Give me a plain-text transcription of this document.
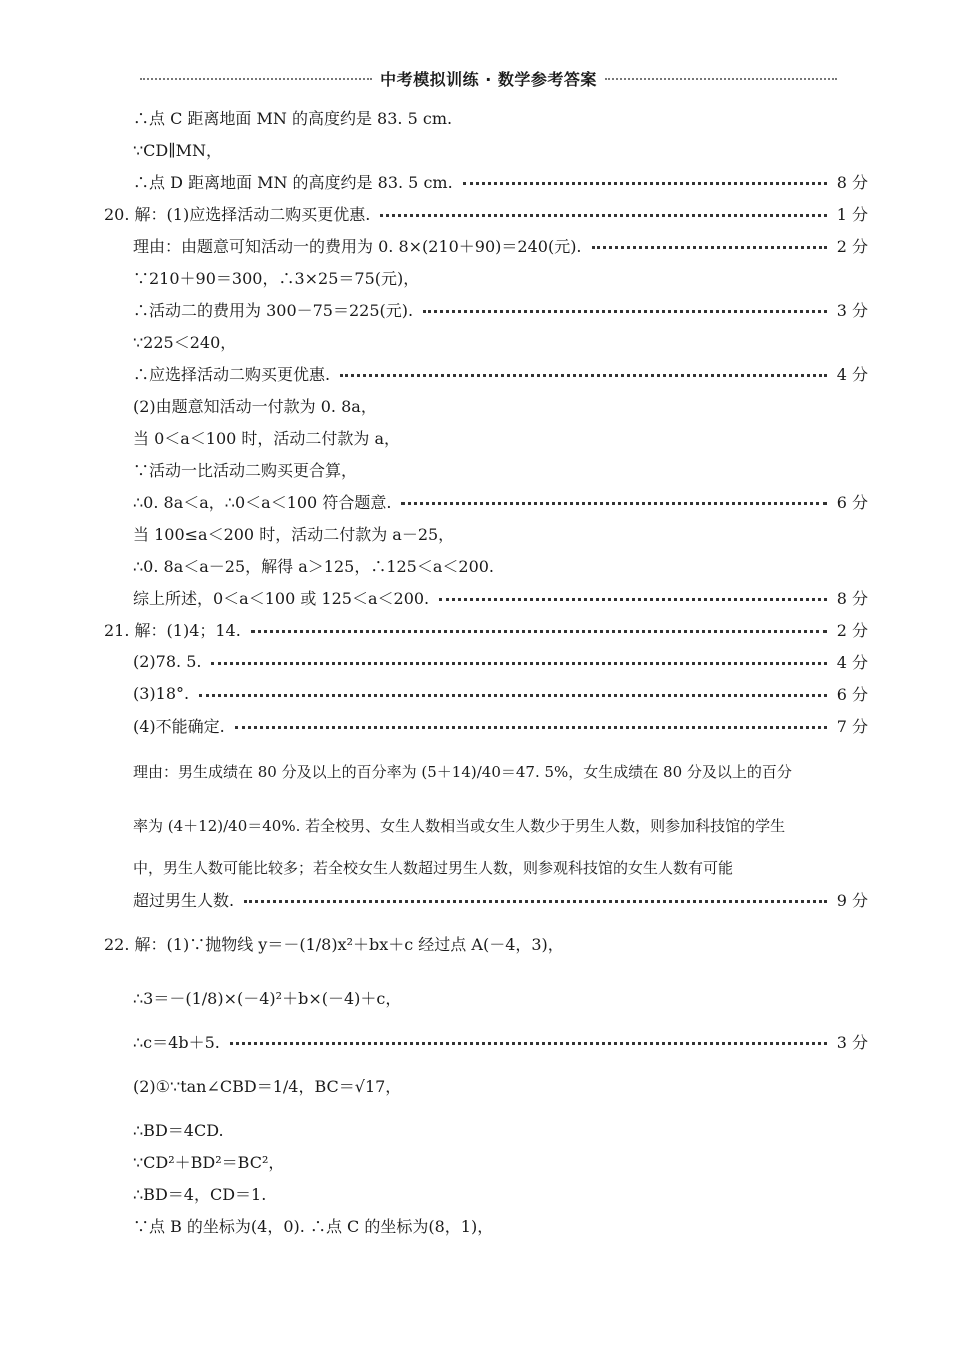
中考模拟训练 · 数学参考答案
∴点 C 距离地面 MN 的高度约是 83. 5 cm.
∵CD∥MN，
∴点 D 距离地面 MN 的高度约是 83. 5 cm.	8 分
20. 解：(1)应选择活动二购买更优惠.	1 分
理由：由题意可知活动一的费用为 0. 8×(210＋90)＝240(元).	2 分
∵210＋90＝300，∴3×25＝75(元)，
∴活动二的费用为 300－75＝225(元).	3 分
∵225＜240，
∴应选择活动二购买更优惠.	4 分
(2)由题意知活动一付款为 0. 8a，
当 0＜a＜100 时，活动二付款为 a，
∵活动一比活动二购买更合算，
∴0. 8a＜a，∴0＜a＜100 符合题意.	6 分
当 100≤a＜200 时，活动二付款为 a－25，
∴0. 8a＜a－25，解得 a＞125，∴125＜a＜200.
综上所述，0＜a＜100 或 125＜a＜200.	8 分
21. 解：(1)4；14.	2 分
(2)78. 5.	4 分
(3)18°.	6 分
(4)不能确定.	7 分
理由：男生成绩在 80 分及以上的百分率为 (5＋14)/40＝47. 5%，女生成绩在 80 分及以上的百分
率为 (4＋12)/40＝40%. 若全校男、女生人数相当或女生人数少于男生人数，则参加科技馆的学生
中，男生人数可能比较多；若全校女生人数超过男生人数，则参观科技馆的女生人数有可能
超过男生人数.	9 分
22. 解：(1)∵抛物线 y＝－(1/8)x²＋bx＋c 经过点 A(－4，3)，
∴3＝－(1/8)×(－4)²＋b×(－4)＋c，
∴c＝4b＋5.	3 分
(2)①∵tan∠CBD＝1/4，BC＝√17，
∴BD＝4CD.
∵CD²＋BD²＝BC²，
∴BD＝4，CD＝1.
∵点 B 的坐标为(4，0). ∴点 C 的坐标为(8，1)，
